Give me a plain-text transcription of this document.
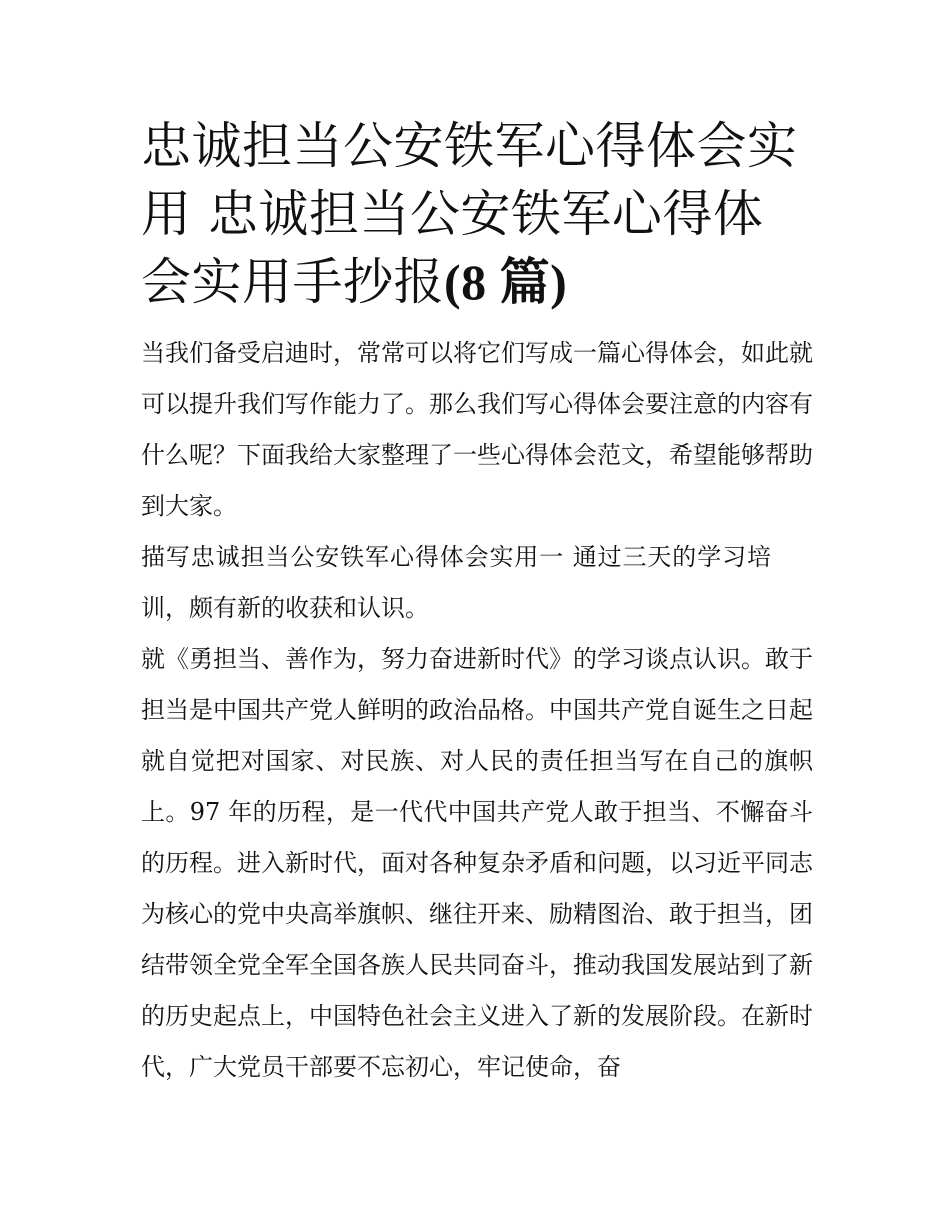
忠诚担当公安铁军心得体会实用 忠诚担当公安铁军心得体会实用手抄报(8 篇)

当我们备受启迪时，常常可以将它们写成一篇心得体会，如此就可以提升我们写作能力了。那么我们写心得体会要注意的内容有什么呢？下面我给大家整理了一些心得体会范文，希望能够帮助到大家。

描写忠诚担当公安铁军心得体会实用一 通过三天的学习培训，颇有新的收获和认识。

就《勇担当、善作为，努力奋进新时代》的学习谈点认识。敢于担当是中国共产党人鲜明的政治品格。中国共产党自诞生之日起就自觉把对国家、对民族、对人民的责任担当写在自己的旗帜上。97 年的历程，是一代代中国共产党人敢于担当、不懈奋斗的历程。进入新时代，面对各种复杂矛盾和问题，以习近平同志为核心的党中央高举旗帜、继往开来、励精图治、敢于担当，团结带领全党全军全国各族人民共同奋斗，推动我国发展站到了新的历史起点上，中国特色社会主义进入了新的发展阶段。在新时代，广大党员干部要不忘初心，牢记使命，奋
